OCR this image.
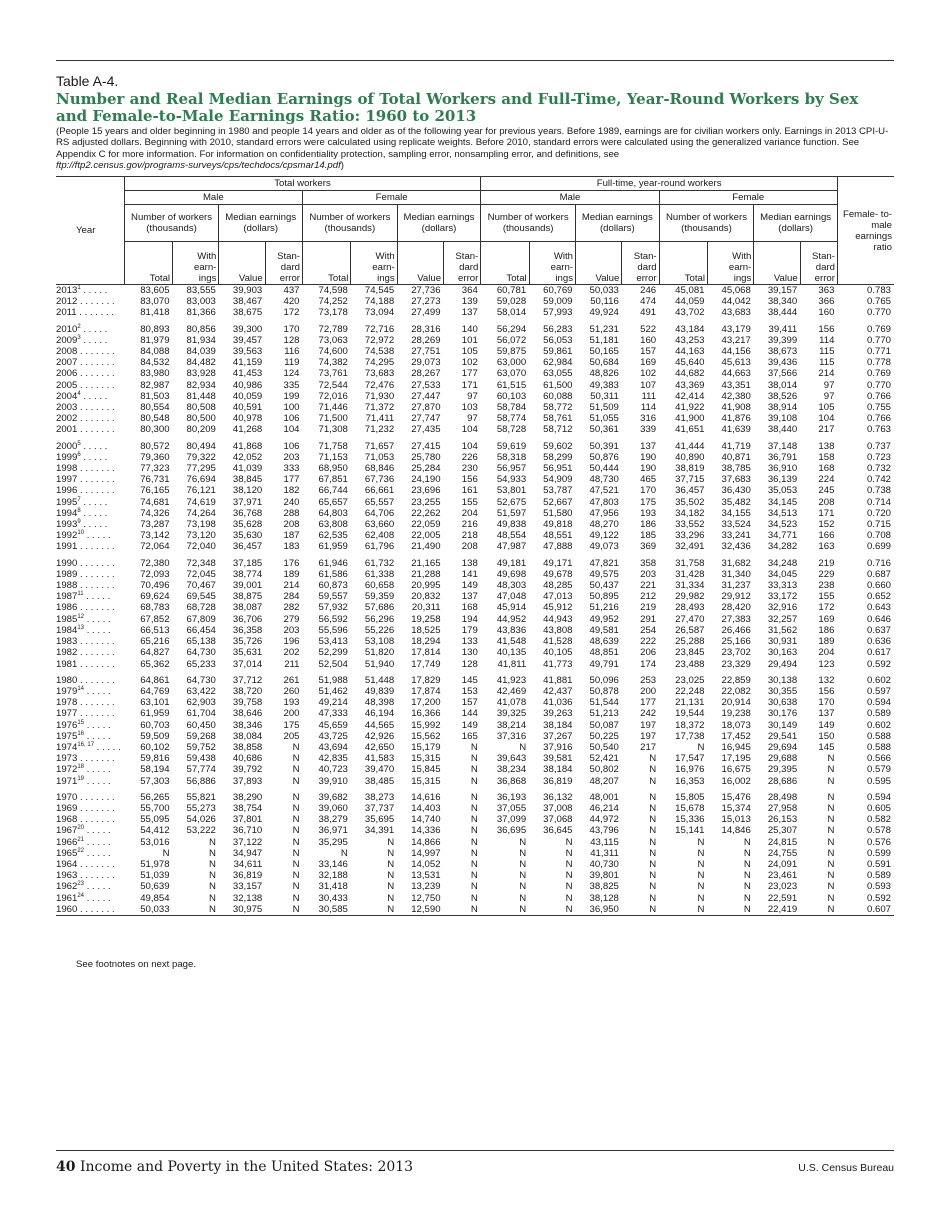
Table A-4.
Number and Real Median Earnings of Total Workers and Full-Time, Year-Round Workers by Sex and Female-to-Male Earnings Ratio: 1960 to 2013

(People 15 years and older beginning in 1980 and people 14 years and older as of the following year for previous years. Before 1989, earnings are for civilian workers only. Earnings in 2013 CPI-U-RS adjusted dollars. Beginning with 2010, standard errors were calculated using replicate weights. Before 2010, standard errors were calculated using the generalized variance function. See Appendix C for more information. For information on confidentiality protection, sampling error, nonsampling error, and definitions, see
ftp://ftp2.census.gov/programs-surveys/cps/techdocs/cpsmar14.pdf)

Year	Total workers								Full-time, year-round workers								Female- to- male earnings ratio
	Male				Female				Male				Female				
	Number of workers (thousands)		Median earnings (dollars)		Number of workers (thousands)		Median earnings (dollars)		Number of workers (thousands)		Median earnings (dollars)		Number of workers (thousands)		Median earnings (dollars)		
	Total	With earn- ings	Value	Stan- dard error	Total	With earn- ings	Value	Stan- dard error	Total	With earn- ings	Value	Stan- dard error	Total	With earn- ings	Value	Stan- dard error	
2013$^1$ . . . . .	83,605	83,555	39,903	437	74,598	74,545	27,736	364	60,781	60,769	50,033	246	45,081	45,068	39,157	363	0.783
2012 . . . . . . .	83,070	83,003	38,467	420	74,252	74,188	27,273	139	59,028	59,009	50,116	474	44,059	44,042	38,340	366	0.765
2011 . . . . . . .	81,418	81,366	38,675	172	73,178	73,094	27,499	137	58,014	57,993	49,924	491	43,702	43,683	38,444	160	0.770
2010$^2$ . . . . .	80,893	80,856	39,300	170	72,789	72,716	28,316	140	56,294	56,283	51,231	522	43,184	43,179	39,411	156	0.769
2009$^3$ . . . . .	81,979	81,934	39,457	128	73,063	72,972	28,269	101	56,072	56,053	51,181	160	43,253	43,217	39,399	114	0.770
2008 . . . . . . .	84,088	84,039	39,563	116	74,600	74,538	27,751	105	59,875	59,861	50,165	157	44,163	44,156	38,673	115	0.771
2007 . . . . . . .	84,532	84,482	41,159	119	74,382	74,295	29,073	102	63,000	62,984	50,684	169	45,640	45,613	39,436	115	0.778
2006 . . . . . . .	83,980	83,928	41,453	124	73,761	73,683	28,267	177	63,070	63,055	48,826	102	44,682	44,663	37,566	214	0.769
2005 . . . . . . .	82,987	82,934	40,986	335	72,544	72,476	27,533	171	61,515	61,500	49,383	107	43,369	43,351	38,014	97	0.770
2004$^4$ . . . . .	81,503	81,448	40,059	199	72,016	71,930	27,447	97	60,103	60,088	50,311	111	42,414	42,380	38,526	97	0.766
2003 . . . . . . .	80,554	80,508	40,591	100	71,446	71,372	27,870	103	58,784	58,772	51,509	114	41,922	41,908	38,914	105	0.755
2002 . . . . . . .	80,548	80,500	40,978	106	71,500	71,411	27,747	97	58,774	58,761	51,055	316	41,900	41,876	39,108	104	0.766
2001 . . . . . . .	80,300	80,209	41,268	104	71,308	71,232	27,435	104	58,728	58,712	50,361	339	41,651	41,639	38,440	217	0.763
2000$^5$ . . . . .	80,572	80,494	41,868	106	71,758	71,657	27,415	104	59,619	59,602	50,391	137	41,444	41,719	37,148	138	0.737
1999$^6$ . . . . .	79,360	79,322	42,052	203	71,153	71,053	25,780	226	58,318	58,299	50,876	190	40,890	40,871	36,791	158	0.723
1998 . . . . . . .	77,323	77,295	41,039	333	68,950	68,846	25,284	230	56,957	56,951	50,444	190	38,819	38,785	36,910	168	0.732
1997 . . . . . . .	76,731	76,694	38,845	177	67,851	67,736	24,190	156	54,933	54,909	48,730	465	37,715	37,683	36,139	224	0.742
1996 . . . . . . .	76,165	76,121	38,120	182	66,744	66,661	23,696	161	53,801	53,787	47,521	170	36,457	36,430	35,053	245	0.738
1995$^7$ . . . . .	74,681	74,619	37,971	240	65,657	65,557	23,255	155	52,675	52,667	47,803	175	35,502	35,482	34,145	208	0.714
1994$^8$ . . . . .	74,326	74,264	36,768	288	64,803	64,706	22,262	204	51,597	51,580	47,956	193	34,182	34,155	34,513	171	0.720
1993$^9$ . . . . .	73,287	73,198	35,628	208	63,808	63,660	22,059	216	49,838	49,818	48,270	186	33,552	33,524	34,523	152	0.715
1992$^{10}$ . . . . .	73,142	73,120	35,630	187	62,535	62,408	22,005	218	48,554	48,551	49,122	185	33,296	33,241	34,771	166	0.708
1991 . . . . . . .	72,064	72,040	36,457	183	61,959	61,796	21,490	208	47,987	47,888	49,073	369	32,491	32,436	34,282	163	0.699
1990 . . . . . . .	72,380	72,348	37,185	176	61,946	61,732	21,165	138	49,181	49,171	47,821	358	31,758	31,682	34,248	219	0.716
1989 . . . . . . .	72,093	72,045	38,774	189	61,586	61,338	21,288	141	49,698	49,678	49,575	203	31,428	31,340	34,045	229	0.687
1988 . . . . . . .	70,496	70,467	39,001	214	60,873	60,658	20,995	149	48,303	48,285	50,437	221	31,334	31,237	33,313	238	0.660
1987$^{11}$ . . . . .	69,624	69,545	38,875	284	59,557	59,359	20,832	137	47,048	47,013	50,895	212	29,982	29,912	33,172	155	0.652
1986 . . . . . . .	68,783	68,728	38,087	282	57,932	57,686	20,311	168	45,914	45,912	51,216	219	28,493	28,420	32,916	172	0.643
1985$^{12}$ . . . . .	67,852	67,809	36,706	279	56,592	56,296	19,258	194	44,952	44,943	49,952	291	27,470	27,383	32,257	169	0.646
1984$^{13}$ . . . . .	66,513	66,454	36,358	203	55,596	55,226	18,525	179	43,836	43,808	49,581	254	26,587	26,466	31,562	186	0.637
1983 . . . . . . .	65,216	65,138	35,726	196	53,413	53,108	18,294	133	41,548	41,528	48,639	222	25,288	25,166	30,931	189	0.636
1982 . . . . . . .	64,827	64,730	35,631	202	52,299	51,820	17,814	130	40,135	40,105	48,851	206	23,845	23,702	30,163	204	0.617
1981 . . . . . . .	65,362	65,233	37,014	211	52,504	51,940	17,749	128	41,811	41,773	49,791	174	23,488	23,329	29,494	123	0.592
1980 . . . . . . .	64,861	64,730	37,712	261	51,988	51,448	17,829	145	41,923	41,881	50,096	253	23,025	22,859	30,138	132	0.602
1979$^{14}$ . . . . .	64,769	63,422	38,720	260	51,462	49,839	17,874	153	42,469	42,437	50,878	200	22,248	22,082	30,355	156	0.597
1978 . . . . . . .	63,101	62,903	39,758	193	49,214	48,398	17,200	157	41,078	41,036	51,544	177	21,131	20,914	30,638	170	0.594
1977 . . . . . . .	61,959	61,704	38,646	200	47,333	46,194	16,366	144	39,325	39,263	51,213	242	19,544	19,238	30,176	137	0.589
1976$^{15}$ . . . . .	60,703	60,450	38,346	175	45,659	44,565	15,992	149	38,214	38,184	50,087	197	18,372	18,073	30,149	149	0.602
1975$^{16}$ . . . . .	59,509	59,268	38,084	205	43,725	42,926	15,562	165	37,316	37,267	50,225	197	17,738	17,452	29,541	150	0.588
1974$^{16, 17}$ . . . . .	60,102	59,752	38,858	N	43,694	42,650	15,179	N	N	37,916	50,540	217	N	16,945	29,694	145	0.588
1973 . . . . . . .	59,816	59,438	40,686	N	42,835	41,583	15,315	N	39,643	39,581	52,421	N	17,547	17,195	29,688	N	0.566
1972$^{18}$ . . . . .	58,194	57,774	39,792	N	40,723	39,470	15,845	N	38,234	38,184	50,802	N	16,976	16,675	29,395	N	0.579
1971$^{19}$ . . . . .	57,303	56,886	37,893	N	39,910	38,485	15,315	N	36,868	36,819	48,207	N	16,353	16,002	28,686	N	0.595
1970 . . . . . . .	56,265	55,821	38,290	N	39,682	38,273	14,616	N	36,193	36,132	48,001	N	15,805	15,476	28,498	N	0.594
1969 . . . . . . .	55,700	55,273	38,754	N	39,060	37,737	14,403	N	37,055	37,008	46,214	N	15,678	15,374	27,958	N	0.605
1968 . . . . . . .	55,095	54,026	37,801	N	38,279	35,695	14,740	N	37,099	37,068	44,972	N	15,336	15,013	26,153	N	0.582
1967$^{20}$ . . . . .	54,412	53,222	36,710	N	36,971	34,391	14,336	N	36,695	36,645	43,796	N	15,141	14,846	25,307	N	0.578
1966$^{21}$ . . . . .	53,016	N	37,122	N	35,295	N	14,866	N	N	N	43,115	N	N	N	24,815	N	0.576
1965$^{22}$ . . . . .	N	N	34,947	N	N	N	14,997	N	N	N	41,311	N	N	N	24,755	N	0.599
1964 . . . . . . .	51,978	N	34,611	N	33,146	N	14,052	N	N	N	40,730	N	N	N	24,091	N	0.591
1963 . . . . . . .	51,039	N	36,819	N	32,188	N	13,531	N	N	N	39,801	N	N	N	23,461	N	0.589
1962$^{23}$ . . . . .	50,639	N	33,157	N	31,418	N	13,239	N	N	N	38,825	N	N	N	23,023	N	0.593
1961$^{24}$ . . . . .	49,854	N	32,138	N	30,433	N	12,750	N	N	N	38,128	N	N	N	22,591	N	0.592
1960 . . . . . . .	50,033	N	30,975	N	30,585	N	12,590	N	N	N	36,950	N	N	N	22,419	N	0.607
See footnotes on next page.
40 Income and Poverty in the United States: 2013	U.S. Census Bureau
